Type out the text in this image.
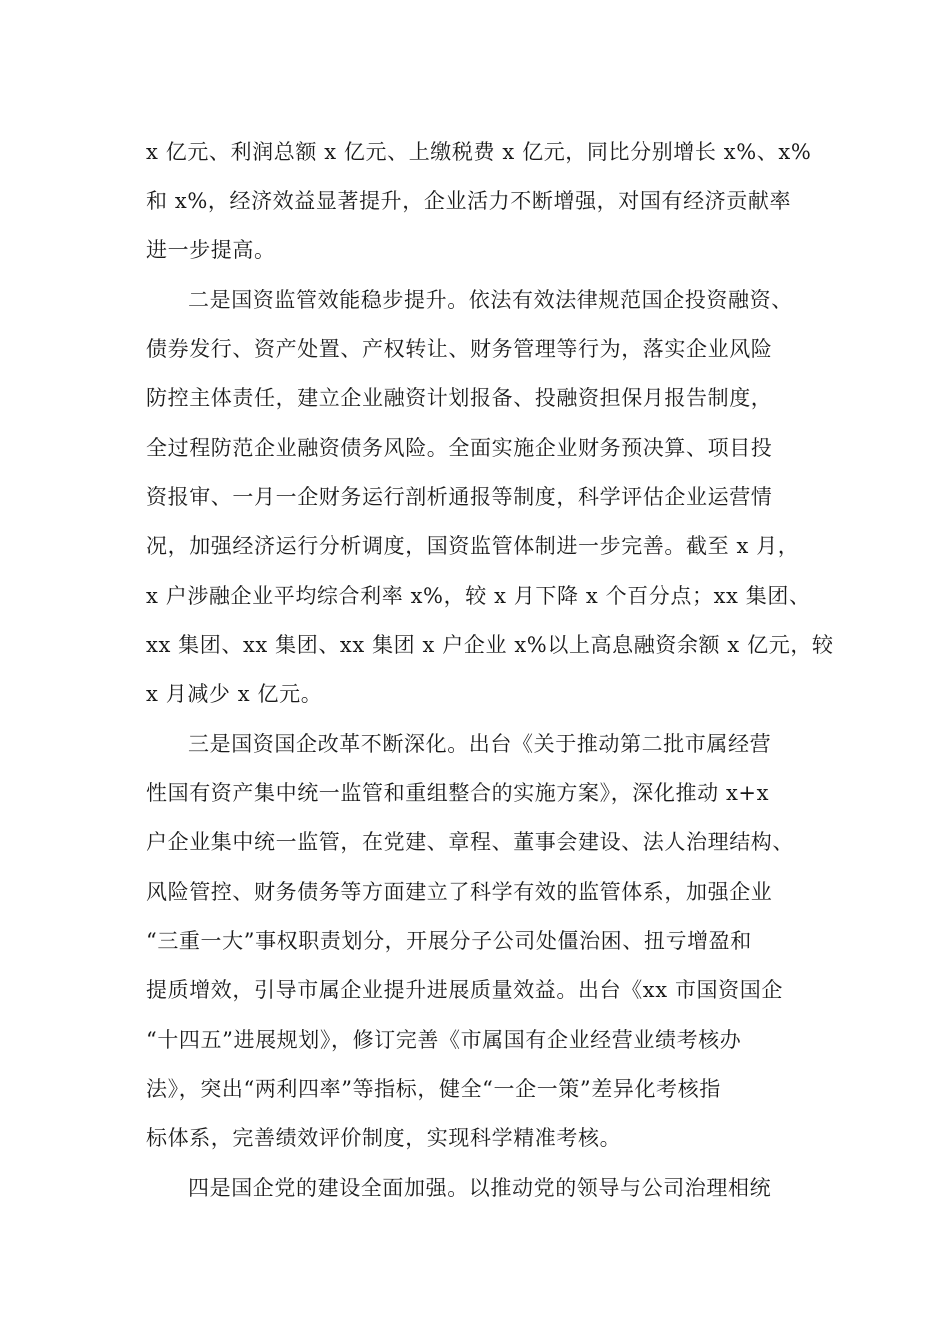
x 亿元、利润总额 x 亿元、上缴税费 x 亿元，同比分别增长 x%、x%
和 x%，经济效益显著提升，企业活力不断增强，对国有经济贡献率
进一步提高。
二是国资监管效能稳步提升。依法有效法律规范国企投资融资、
债券发行、资产处置、产权转让、财务管理等行为，落实企业风险
防控主体责任，建立企业融资计划报备、投融资担保月报告制度，
全过程防范企业融资债务风险。全面实施企业财务预决算、项目投
资报审、一月一企财务运行剖析通报等制度，科学评估企业运营情
况，加强经济运行分析调度，国资监管体制进一步完善。截至 x 月，
x 户涉融企业平均综合利率 x%，较 x 月下降 x 个百分点；xx 集团、
xx 集团、xx 集团、xx 集团 x 户企业 x%以上高息融资余额 x 亿元，较
x 月减少 x 亿元。
三是国资国企改革不断深化。出台《关于推动第二批市属经营
性国有资产集中统一监管和重组整合的实施方案》，深化推动 x+x
户企业集中统一监管，在党建、章程、董事会建设、法人治理结构、
风险管控、财务债务等方面建立了科学有效的监管体系，加强企业
“三重一大”事权职责划分，开展分子公司处僵治困、扭亏增盈和
提质增效，引导市属企业提升进展质量效益。出台《xx 市国资国企
“十四五”进展规划》，修订完善《市属国有企业经营业绩考核办
法》，突出“两利四率”等指标，健全“一企一策”差异化考核指
标体系，完善绩效评价制度，实现科学精准考核。
四是国企党的建设全面加强。以推动党的领导与公司治理相统
